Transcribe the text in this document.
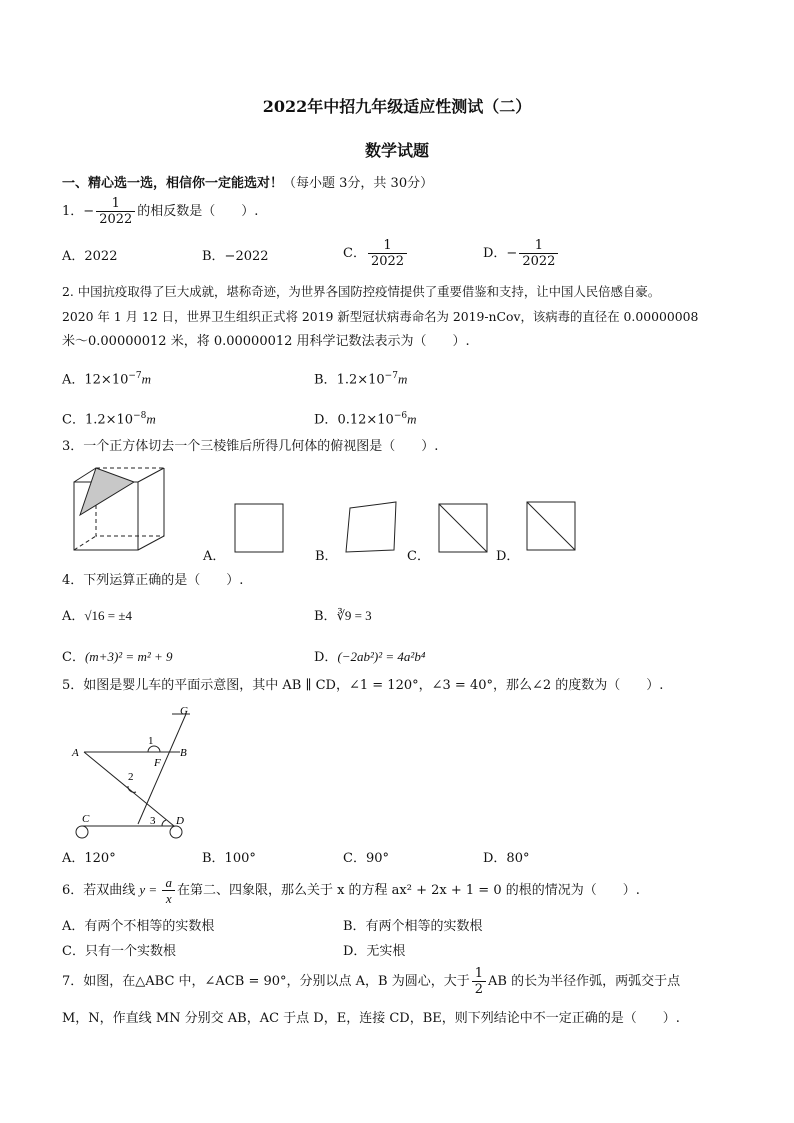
2022年中招九年级适应性测试（二）
数学试题
一、精心选一选，相信你一定能选对！（每小题 3分，共 30分）
1．− $\frac{1}{2022}$ 的相反数是（　　）.
A．2022	B．−2022	C． $\frac{1}{2022}$	D．− $\frac{1}{2022}$
2. 中国抗疫取得了巨大成就，堪称奇迹，为世界各国防控疫情提供了重要借鉴和支持，让中国人民倍感自豪。
2020 年 1 月 12 日，世界卫生组织正式将 2019 新型冠状病毒命名为 2019-nCov，该病毒的直径在 0.00000008
米～0.00000012 米，将 0.00000012 用科学记数法表示为（　　）.
A．$12\times 10^{-7}m$	B．$1.2\times 10^{-7}m$
C．$1.2\times 10^{-8}m$	D．$0.12\times 10^{-6}m$
3．一个正方体切去一个三棱锥后所得几何体的俯视图是（　　）.
A．	B．	C．	D．
4．下列运算正确的是（　　）.
A．√16 = ±4	B．∛9 = 3
C．(m+3)² = m² + 9	D．(−2ab²)² = 4a²b⁴
5．如图是婴儿车的平面示意图，其中 AB ∥ CD，∠1 = 120°，∠3 = 40°，那么∠2 的度数为（　　）.
G
A	B
F
C	D
1
2
3
A．120°	B．100°	C．90°	D．80°
6．若双曲线 $y = \frac{a}{x}$ 在第二、四象限，那么关于 x 的方程 ax² + 2x + 1 = 0 的根的情况为（　　）.
A．有两个不相等的实数根	B．有两个相等的实数根
C．只有一个实数根	D．无实根
7．如图，在△ABC 中，∠ACB = 90°，分别以点 A，B 为圆心，大于 $\frac{1}{2}$ AB 的长为半径作弧，两弧交于点
M，N，作直线 MN 分别交 AB，AC 于点 D，E，连接 CD，BE，则下列结论中不一定正确的是（　　）.
